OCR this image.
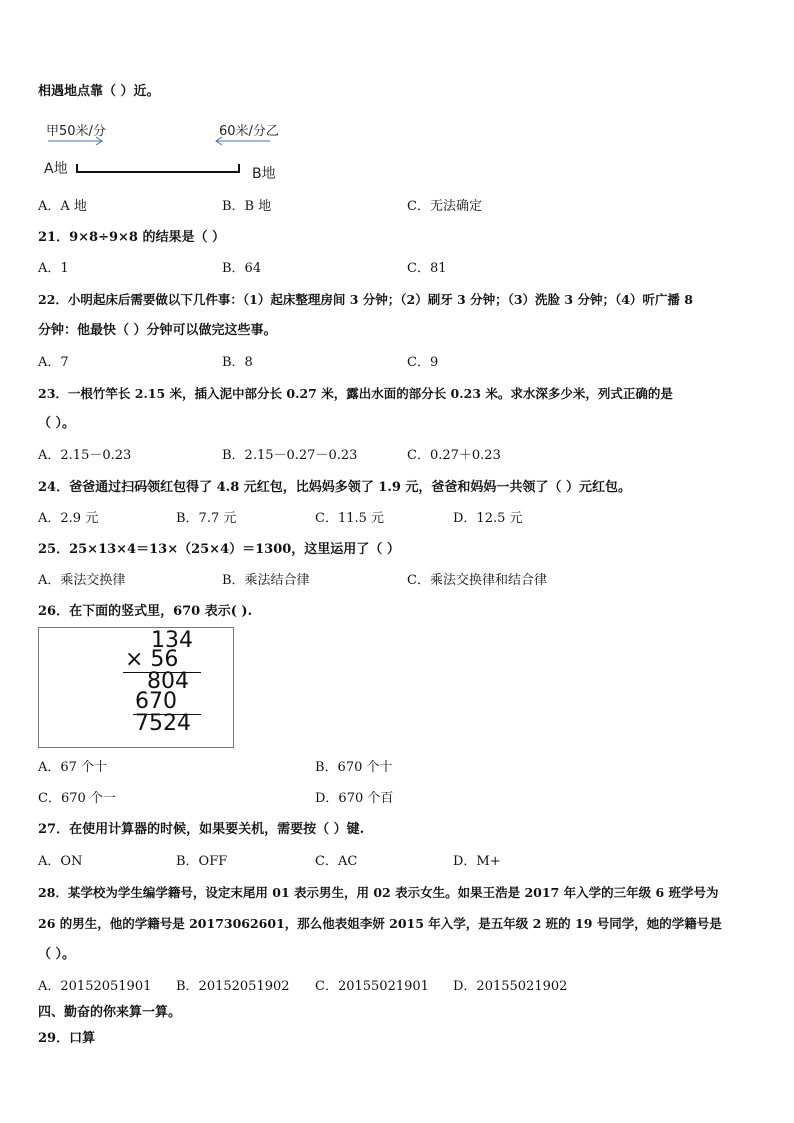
相遇地点靠（ ）近。
甲50米/分	60米/分乙
A地	B地
A．A 地	B．B 地	C．无法确定
21．9×8÷9×8 的结果是（ ）
A．1	B．64	C．81
22．小明起床后需要做以下几件事：（1）起床整理房间 3 分钟；（2）刷牙 3 分钟；（3）洗脸 3 分钟；（4）听广播 8
分钟：他最快（ ）分钟可以做完这些事。
A．7	B．8	C．9
23．一根竹竿长 2.15 米，插入泥中部分长 0.27 米，露出水面的部分长 0.23 米。求水深多少米，列式正确的是
（ ）。
A．2.15－0.23	B．2.15－0.27－0.23	C．0.27＋0.23
24．爸爸通过扫码领红包得了 4.8 元红包，比妈妈多领了 1.9 元，爸爸和妈妈一共领了（ ）元红包。
A．2.9 元	B．7.7 元	C．11.5 元	D．12.5 元
25．25×13×4＝13×（25×4）＝1300，这里运用了（ ）
A．乘法交换律	B．乘法结合律	C．乘法交换律和结合律
26．在下面的竖式里，670 表示( ).
134
× 56
804
670
7524
A．67 个十	B．670 个十
C．670 个一	D．670 个百
27．在使用计算器的时候，如果要关机，需要按（ ）键.
A．ON	B．OFF	C．AC	D．M+
28．某学校为学生编学籍号，设定末尾用 01 表示男生，用 02 表示女生。如果王浩是 2017 年入学的三年级 6 班学号为
26 的男生，他的学籍号是 20173062601，那么他表姐李妍 2015 年入学，是五年级 2 班的 19 号同学，她的学籍号是
（ ）。
A．20152051901 B．20152051902 C．20155021901 D．20155021902
四、勤奋的你来算一算。
29．口算
